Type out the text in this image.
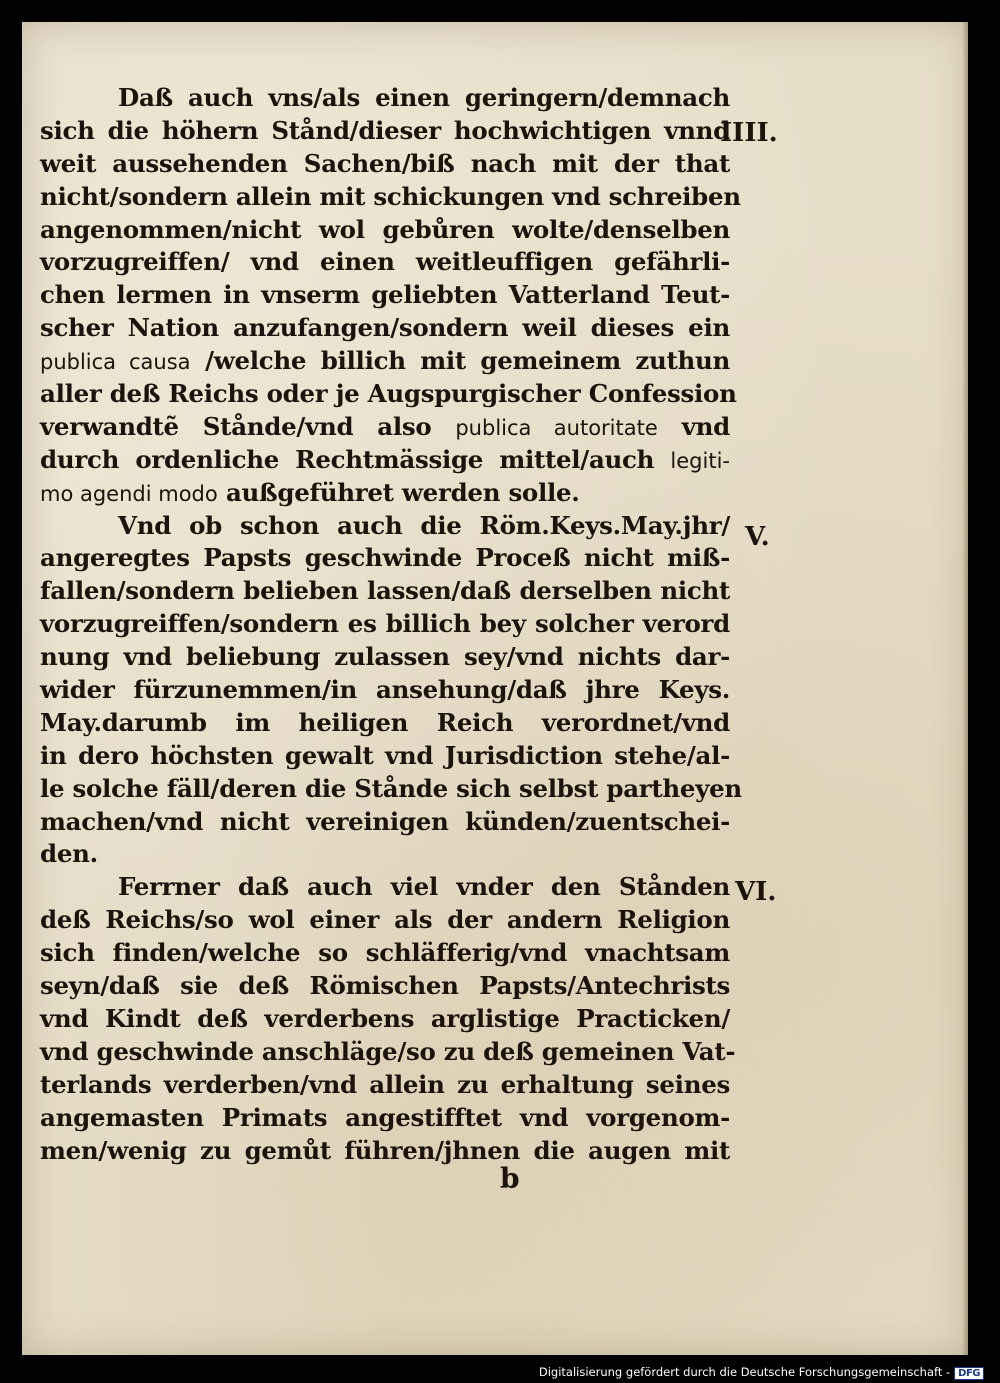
Daß auch vns/als einen geringern/demnach
sich die höhern Stånd/dieser hochwichtigen vnnd
weit aussehenden Sachen/biß nach mit der that
nicht/sondern allein mit schickungen vnd schreiben
angenommen/nicht wol gebůren wolte/denselben
vorzugreiffen/ vnd einen weitleuffigen gefährli-
chen lermen in vnserm geliebten Vatterland Teut-
scher Nation anzufangen/sondern weil dieses ein
publica causa /welche billich mit gemeinem zuthun
aller deß Reichs oder je Augspurgischer Confession
verwandtẽ Stånde/vnd also publica autoritate vnd
durch ordenliche Rechtmässige mittel/auch legiti-
mo agendi modo außgeführet werden solle.
Vnd ob schon auch die Röm.Keys.May.jhr/
angeregtes Papsts geschwinde Proceß nicht miß-
fallen/sondern belieben lassen/daß derselben nicht
vorzugreiffen/sondern es billich bey solcher verord
nung vnd beliebung zulassen sey/vnd nichts dar-
wider fürzunemmen/in ansehung/daß jhre Keys.
May.darumb im heiligen Reich verordnet/vnd
in dero höchsten gewalt vnd Jurisdiction stehe/al-
le solche fäll/deren die Stånde sich selbst partheyen
machen/vnd nicht vereinigen künden/zuentschei-
den.
Ferrner daß auch viel vnder den Stånden
deß Reichs/so wol einer als der andern Religion
sich finden/welche so schläfferig/vnd vnachtsam
seyn/daß sie deß Römischen Papsts/Antechrists
vnd Kindt deß verderbens arglistige Practicken/
vnd geschwinde anschläge/so zu deß gemeinen Vat-
terlands verderben/vnd allein zu erhaltung seines
angemasten Primats angestifftet vnd vorgenom-
men/wenig zu gemůt führen/jhnen die augen mit
IIII.
V.
VI.
b
Digitalisierung gefördert durch die Deutsche Forschungsgemeinschaft - DFG
